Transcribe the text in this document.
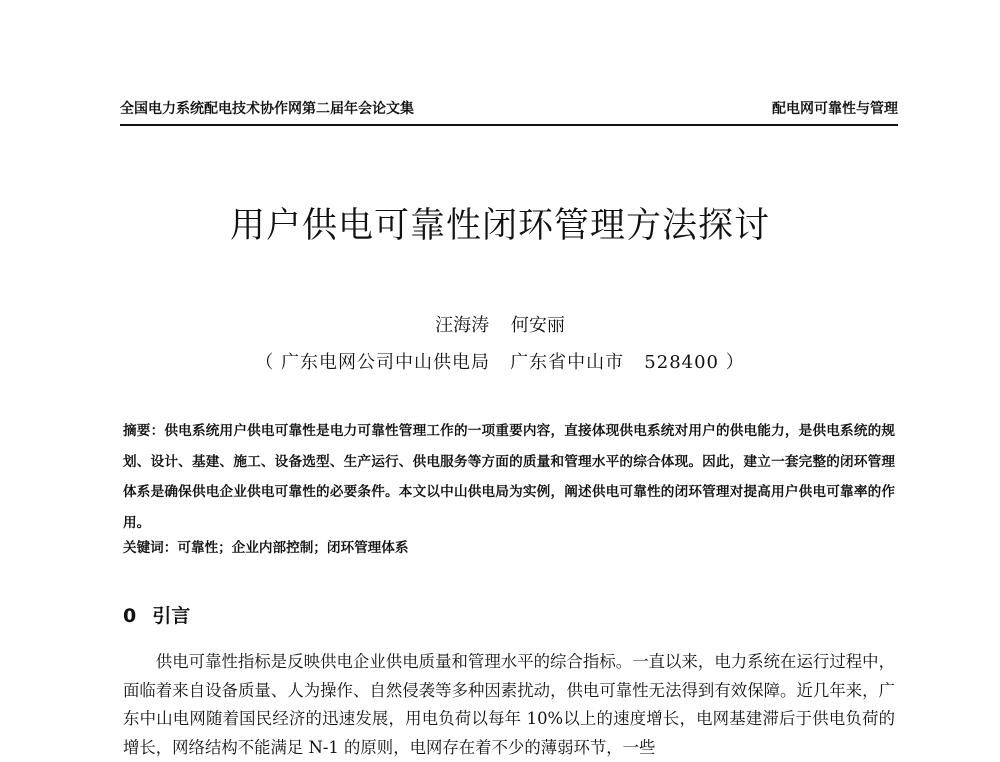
全国电力系统配电技术协作网第二届年会论文集	配电网可靠性与管理
用户供电可靠性闭环管理方法探讨
汪海涛 何安丽
（ 广东电网公司中山供电局   广东省中山市   528400 ）
摘要：供电系统用户供电可靠性是电力可靠性管理工作的一项重要内容，直接体现供电系统对用户的供电能力，是供电系统的规划、设计、基建、施工、设备选型、生产运行、供电服务等方面的质量和管理水平的综合体现。因此，建立一套完整的闭环管理体系是确保供电企业供电可靠性的必要条件。本文以中山供电局为实例，阐述供电可靠性的闭环管理对提高用户供电可靠率的作用。
关键词：可靠性；企业内部控制；闭环管理体系
0 引言
供电可靠性指标是反映供电企业供电质量和管理水平的综合指标。一直以来，电力系统在运行过程中，面临着来自设备质量、人为操作、自然侵袭等多种因素扰动，供电可靠性无法得到有效保障。近几年来，广东中山电网随着国民经济的迅速发展，用电负荷以每年 10%以上的速度增长，电网基建滞后于供电负荷的增长，网络结构不能满足 N-1 的原则，电网存在着不少的薄弱环节，一些
